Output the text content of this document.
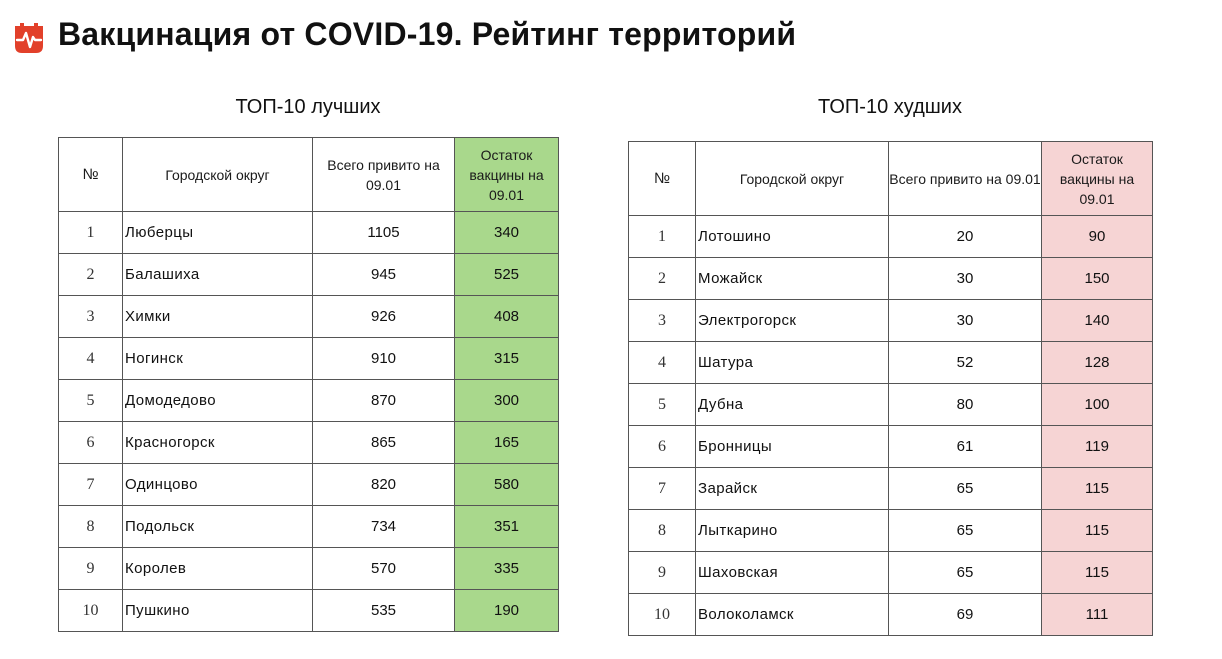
Вакцинация от COVID-19. Рейтинг территорий
ТОП-10 лучших
№	Городской округ	Всего привито на 09.01	Остаток вакцины на 09.01
1	Люберцы	1105	340
2	Балашиха	945	525
3	Химки	926	408
4	Ногинск	910	315
5	Домодедово	870	300
6	Красногорск	865	165
7	Одинцово	820	580
8	Подольск	734	351
9	Королев	570	335
10	Пушкино	535	190
ТОП-10 худших
№	Городской округ	Всего привито на 09.01	Остаток вакцины на 09.01
1	Лотошино	20	90
2	Можайск	30	150
3	Электрогорск	30	140
4	Шатура	52	128
5	Дубна	80	100
6	Бронницы	61	119
7	Зарайск	65	115
8	Лыткарино	65	115
9	Шаховская	65	115
10	Волоколамск	69	111
